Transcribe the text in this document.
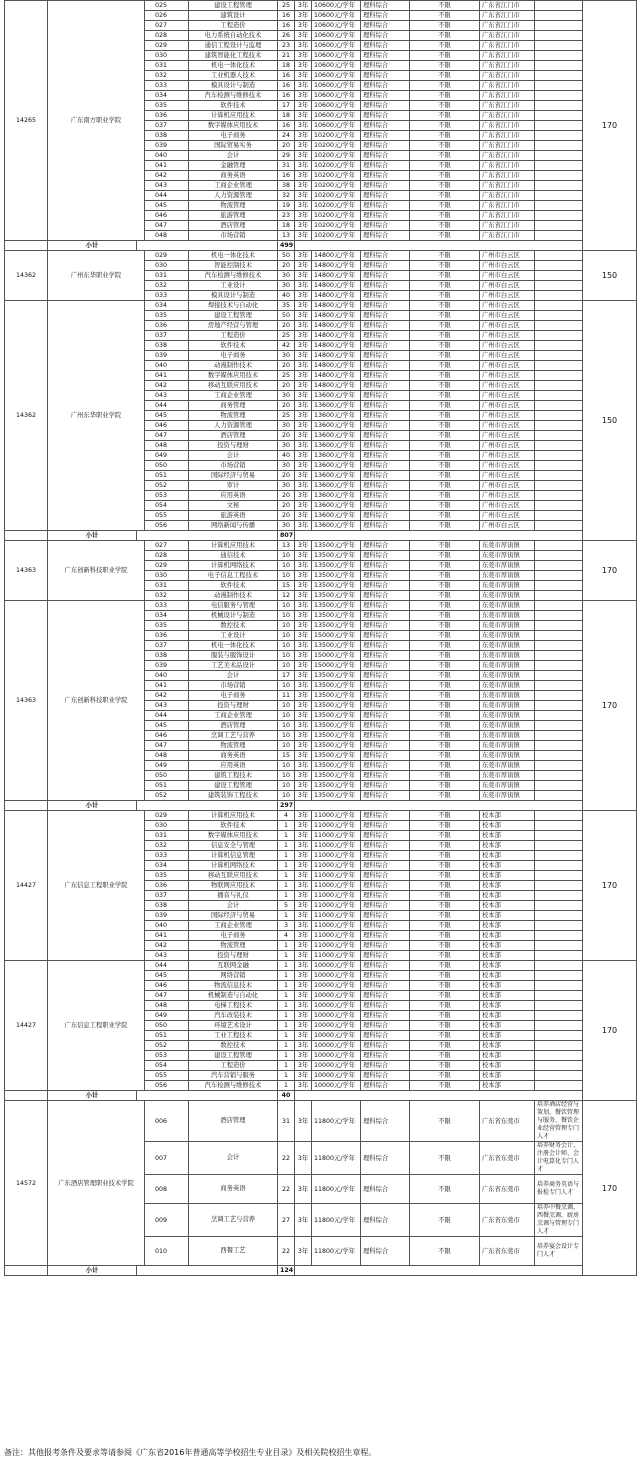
14265	广东南方职业学院		025	建设工程管理	25	3年	10600元/学年	理科综合	不限	广东省江门市		170
			026	建筑设计	16	3年	10600元/学年	理科综合	不限	广东省江门市		
			027	工程造价	16	3年	10600元/学年	理科综合	不限	广东省江门市		
			028	电力系统自动化技术	26	3年	10600元/学年	理科综合	不限	广东省江门市		
			029	通信工程设计与监理	23	3年	10600元/学年	理科综合	不限	广东省江门市		
			030	建筑智能化工程技术	21	3年	10600元/学年	理科综合	不限	广东省江门市		
			031	机电一体化技术	18	3年	10600元/学年	理科综合	不限	广东省江门市		
			032	工业机器人技术	16	3年	10600元/学年	理科综合	不限	广东省江门市		
			033	模具设计与制造	16	3年	10600元/学年	理科综合	不限	广东省江门市		
			034	汽车检测与维修技术	16	3年	10600元/学年	理科综合	不限	广东省江门市		
			035	软件技术	17	3年	10600元/学年	理科综合	不限	广东省江门市		
			036	计算机应用技术	18	3年	10600元/学年	理科综合	不限	广东省江门市		
			037	数字媒体应用技术	16	3年	10600元/学年	理科综合	不限	广东省江门市		
			038	电子商务	24	3年	10200元/学年	理科综合	不限	广东省江门市		
			039	国际贸易实务	20	3年	10200元/学年	理科综合	不限	广东省江门市		
			040	会计	29	3年	10200元/学年	理科综合	不限	广东省江门市		
			041	金融管理	31	3年	10200元/学年	理科综合	不限	广东省江门市		
			042	商务英语	16	3年	10200元/学年	理科综合	不限	广东省江门市		
			043	工商企业管理	38	3年	10200元/学年	理科综合	不限	广东省江门市		
			044	人力资源管理	32	3年	10200元/学年	理科综合	不限	广东省江门市		
			045	物流管理	19	3年	10200元/学年	理科综合	不限	广东省江门市		
			046	旅游管理	23	3年	10200元/学年	理科综合	不限	广东省江门市		
			047	酒店管理	18	3年	10200元/学年	理科综合	不限	广东省江门市		
			048	市场营销	13	3年	10200元/学年	理科综合	不限	广东省江门市		
	小计				499							
14362	广州东华职业学院		029	机电一体化技术	50	3年	14800元/学年	理科综合	不限	广州市白云区		150
			030	智能控制技术	20	3年	14800元/学年	理科综合	不限	广州市白云区		
			031	汽车检测与维修技术	30	3年	14800元/学年	理科综合	不限	广州市白云区		
			032	工业设计	30	3年	14800元/学年	理科综合	不限	广州市白云区		
			033	模具设计与制造	40	3年	14800元/学年	理科综合	不限	广州市白云区		
14362	广州东华职业学院		034	焊接技术与自动化	35	3年	14800元/学年	理科综合	不限	广州市白云区		150
			035	建设工程管理	50	3年	14800元/学年	理科综合	不限	广州市白云区		
			036	房地产经营与管理	20	3年	14800元/学年	理科综合	不限	广州市白云区		
			037	工程造价	25	3年	14800元/学年	理科综合	不限	广州市白云区		
			038	软件技术	42	3年	14800元/学年	理科综合	不限	广州市白云区		
			039	电子商务	30	3年	14800元/学年	理科综合	不限	广州市白云区		
			040	动漫制作技术	20	3年	14800元/学年	理科综合	不限	广州市白云区		
			041	数字媒体应用技术	25	3年	14800元/学年	理科综合	不限	广州市白云区		
			042	移动互联应用技术	20	3年	14800元/学年	理科综合	不限	广州市白云区		
			043	工商企业管理	30	3年	13600元/学年	理科综合	不限	广州市白云区		
			044	商务管理	20	3年	13600元/学年	理科综合	不限	广州市白云区		
			045	物流管理	25	3年	13600元/学年	理科综合	不限	广州市白云区		
			046	人力资源管理	30	3年	13600元/学年	理科综合	不限	广州市白云区		
			047	酒店管理	20	3年	13600元/学年	理科综合	不限	广州市白云区		
			048	投资与理财	30	3年	13600元/学年	理科综合	不限	广州市白云区		
			049	会计	40	3年	13600元/学年	理科综合	不限	广州市白云区		
			050	市场营销	30	3年	13600元/学年	理科综合	不限	广州市白云区		
			051	国际经济与贸易	20	3年	13600元/学年	理科综合	不限	广州市白云区		
			052	审计	30	3年	13600元/学年	理科综合	不限	广州市白云区		
			053	应用英语	20	3年	13600元/学年	理科综合	不限	广州市白云区		
			054	文秘	20	3年	13600元/学年	理科综合	不限	广州市白云区		
			055	旅游英语	20	3年	13600元/学年	理科综合	不限	广州市白云区		
			056	网络新闻与传播	30	3年	13600元/学年	理科综合	不限	广州市白云区		
	小计				807							
14363	广东创新科技职业学院		027	计算机应用技术	13	3年	13500元/学年	理科综合	不限	东莞市厚街镇		170
			028	通信技术	10	3年	13500元/学年	理科综合	不限	东莞市厚街镇		
			029	计算机网络技术	10	3年	13500元/学年	理科综合	不限	东莞市厚街镇		
			030	电子信息工程技术	10	3年	13500元/学年	理科综合	不限	东莞市厚街镇		
			031	软件技术	15	3年	13500元/学年	理科综合	不限	东莞市厚街镇		
			032	动漫制作技术	12	3年	13500元/学年	理科综合	不限	东莞市厚街镇		
14363	广东创新科技职业学院		033	电信服务与管理	10	3年	13500元/学年	理科综合	不限	东莞市厚街镇		170
			034	机械设计与制造	10	3年	13500元/学年	理科综合	不限	东莞市厚街镇		
			035	数控技术	10	3年	13500元/学年	理科综合	不限	东莞市厚街镇		
			036	工业设计	10	3年	15000元/学年	理科综合	不限	东莞市厚街镇		
			037	机电一体化技术	10	3年	13500元/学年	理科综合	不限	东莞市厚街镇		
			038	服装与服饰设计	10	3年	15000元/学年	理科综合	不限	东莞市厚街镇		
			039	工艺美术品设计	10	3年	15000元/学年	理科综合	不限	东莞市厚街镇		
			040	会计	17	3年	13500元/学年	理科综合	不限	东莞市厚街镇		
			041	市场营销	10	3年	13500元/学年	理科综合	不限	东莞市厚街镇		
			042	电子商务	11	3年	13500元/学年	理科综合	不限	东莞市厚街镇		
			043	投资与理财	10	3年	13500元/学年	理科综合	不限	东莞市厚街镇		
			044	工商企业管理	10	3年	13500元/学年	理科综合	不限	东莞市厚街镇		
			045	酒店管理	10	3年	13500元/学年	理科综合	不限	东莞市厚街镇		
			046	烹调工艺与营养	10	3年	13500元/学年	理科综合	不限	东莞市厚街镇		
			047	物流管理	10	3年	13500元/学年	理科综合	不限	东莞市厚街镇		
			048	商务英语	15	3年	13500元/学年	理科综合	不限	东莞市厚街镇		
			049	应用英语	10	3年	13500元/学年	理科综合	不限	东莞市厚街镇		
			050	建筑工程技术	10	3年	13500元/学年	理科综合	不限	东莞市厚街镇		
			051	建设工程管理	10	3年	13500元/学年	理科综合	不限	东莞市厚街镇		
			052	建筑装饰工程技术	10	3年	13500元/学年	理科综合	不限	东莞市厚街镇		
	小计				297							
14427	广东信息工程职业学院		029	计算机应用技术	4	3年	11000元/学年	理科综合	不限	校本部		170
			030	软件技术	1	3年	11000元/学年	理科综合	不限	校本部		
			031	数字媒体应用技术	1	3年	11000元/学年	理科综合	不限	校本部		
			032	信息安全与管理	1	3年	11000元/学年	理科综合	不限	校本部		
			033	计算机信息管理	1	3年	11000元/学年	理科综合	不限	校本部		
			034	计算机网络技术	1	3年	11000元/学年	理科综合	不限	校本部		
			035	移动互联应用技术	1	3年	11000元/学年	理科综合	不限	校本部		
			036	物联网应用技术	1	3年	11000元/学年	理科综合	不限	校本部		
			037	播音与礼仪	1	3年	11000元/学年	理科综合	不限	校本部		
			038	会计	5	3年	11000元/学年	理科综合	不限	校本部		
			039	国际经济与贸易	1	3年	11000元/学年	理科综合	不限	校本部		
			040	工商企业管理	3	3年	11000元/学年	理科综合	不限	校本部		
			041	电子商务	4	3年	11000元/学年	理科综合	不限	校本部		
			042	物流管理	1	3年	11000元/学年	理科综合	不限	校本部		
			043	投资与理财	1	3年	11000元/学年	理科综合	不限	校本部		
14427	广东信息工程职业学院		044	互联网金融	1	3年	10000元/学年	理科综合	不限	校本部		170
			045	网络营销	1	3年	10000元/学年	理科综合	不限	校本部		
			046	物流信息技术	1	3年	10000元/学年	理科综合	不限	校本部		
			047	机械制造与自动化	1	3年	10000元/学年	理科综合	不限	校本部		
			048	电梯工程技术	1	3年	10000元/学年	理科综合	不限	校本部		
			049	汽车改装技术	1	3年	10000元/学年	理科综合	不限	校本部		
			050	环境艺术设计	1	3年	10000元/学年	理科综合	不限	校本部		
			051	工业工程技术	1	3年	10000元/学年	理科综合	不限	校本部		
			052	数控技术	1	3年	10000元/学年	理科综合	不限	校本部		
			053	建设工程管理	1	3年	10000元/学年	理科综合	不限	校本部		
			054	工程造价	1	3年	10000元/学年	理科综合	不限	校本部		
			055	汽车营销与服务	1	3年	10000元/学年	理科综合	不限	校本部		
			056	汽车检测与维修技术	1	3年	10000元/学年	理科综合	不限	校本部		
	小计				40							
14572	广东酒店管理职业技术学院		006	酒店管理	31	3年	11800元/学年	理科综合	不限	广东省东莞市	培养酒店经营与策划、餐饮管理与服务、餐饮企业经营管理专门人才	170
			007	会计	22	3年	11800元/学年	理科综合	不限	广东省东莞市	培养财务会计、注册会计师、会计电算化专门人才	
			008	商务英语	22	3年	11800元/学年	理科综合	不限	广东省东莞市	培养商务英语与报检专门人才	
			009	烹调工艺与营养	27	3年	11800元/学年	理科综合	不限	广东省东莞市	培养中餐烹调、西餐烹调、厨房烹调与管理专门人才	
			010	西餐工艺	22	3年	11800元/学年	理科综合	不限	广东省东莞市	培养宴会设计专门人才	
	小计				124							
备注：其他报考条件及要求等请参阅《广东省2016年普通高等学校招生专业目录》及相关院校招生章程。
